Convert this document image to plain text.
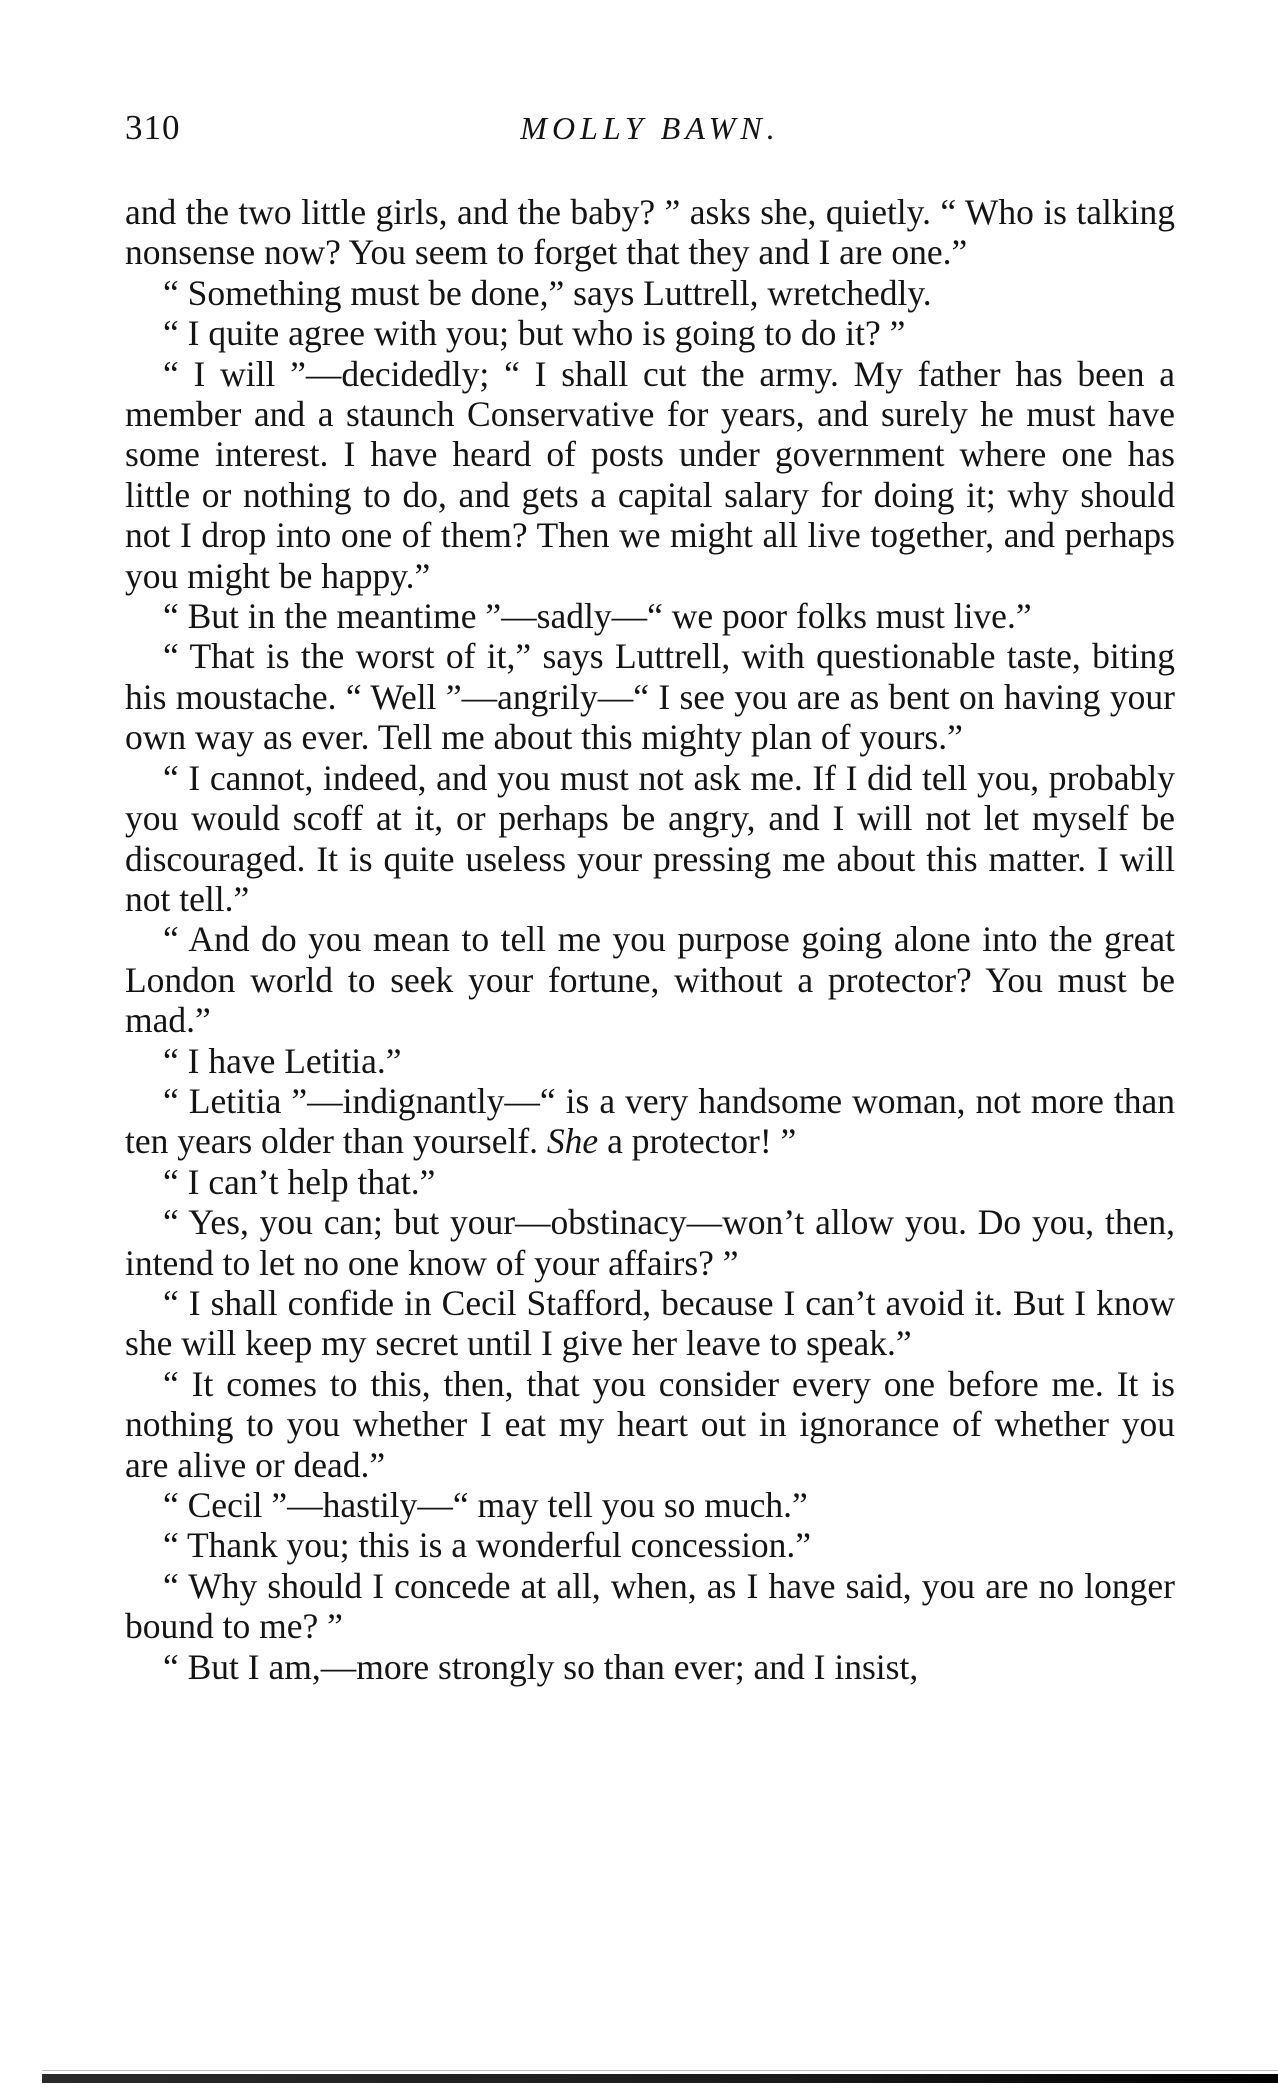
310	MOLLY BAWN.

and the two little girls, and the baby? ” asks she, quietly. “ Who is talking nonsense now? You seem to forget that they and I are one.”

“ Something must be done,” says Luttrell, wretchedly.

“ I quite agree with you; but who is going to do it? ”

“ I will ”—decidedly; “ I shall cut the army. My father has been a member and a staunch Conservative for years, and surely he must have some interest. I have heard of posts under government where one has little or nothing to do, and gets a capital salary for doing it; why should not I drop into one of them? Then we might all live together, and perhaps you might be happy.”

“ But in the meantime ”—sadly—“ we poor folks must live.”

“ That is the worst of it,” says Luttrell, with questionable taste, biting his moustache. “ Well ”—angrily—“ I see you are as bent on having your own way as ever. Tell me about this mighty plan of yours.”

“ I cannot, indeed, and you must not ask me. If I did tell you, probably you would scoff at it, or perhaps be angry, and I will not let myself be discouraged. It is quite useless your pressing me about this matter. I will not tell.”

“ And do you mean to tell me you purpose going alone into the great London world to seek your fortune, without a protector? You must be mad.”

“ I have Letitia.”

“ Letitia ”—indignantly—“ is a very handsome woman, not more than ten years older than yourself. She a protector! ”

“ I can’t help that.”

“ Yes, you can; but your—obstinacy—won’t allow you. Do you, then, intend to let no one know of your affairs? ”

“ I shall confide in Cecil Stafford, because I can’t avoid it. But I know she will keep my secret until I give her leave to speak.”

“ It comes to this, then, that you consider every one before me. It is nothing to you whether I eat my heart out in ignorance of whether you are alive or dead.”

“ Cecil ”—hastily—“ may tell you so much.”

“ Thank you; this is a wonderful concession.”

“ Why should I concede at all, when, as I have said, you are no longer bound to me? ”

“ But I am,—more strongly so than ever; and I insist,
